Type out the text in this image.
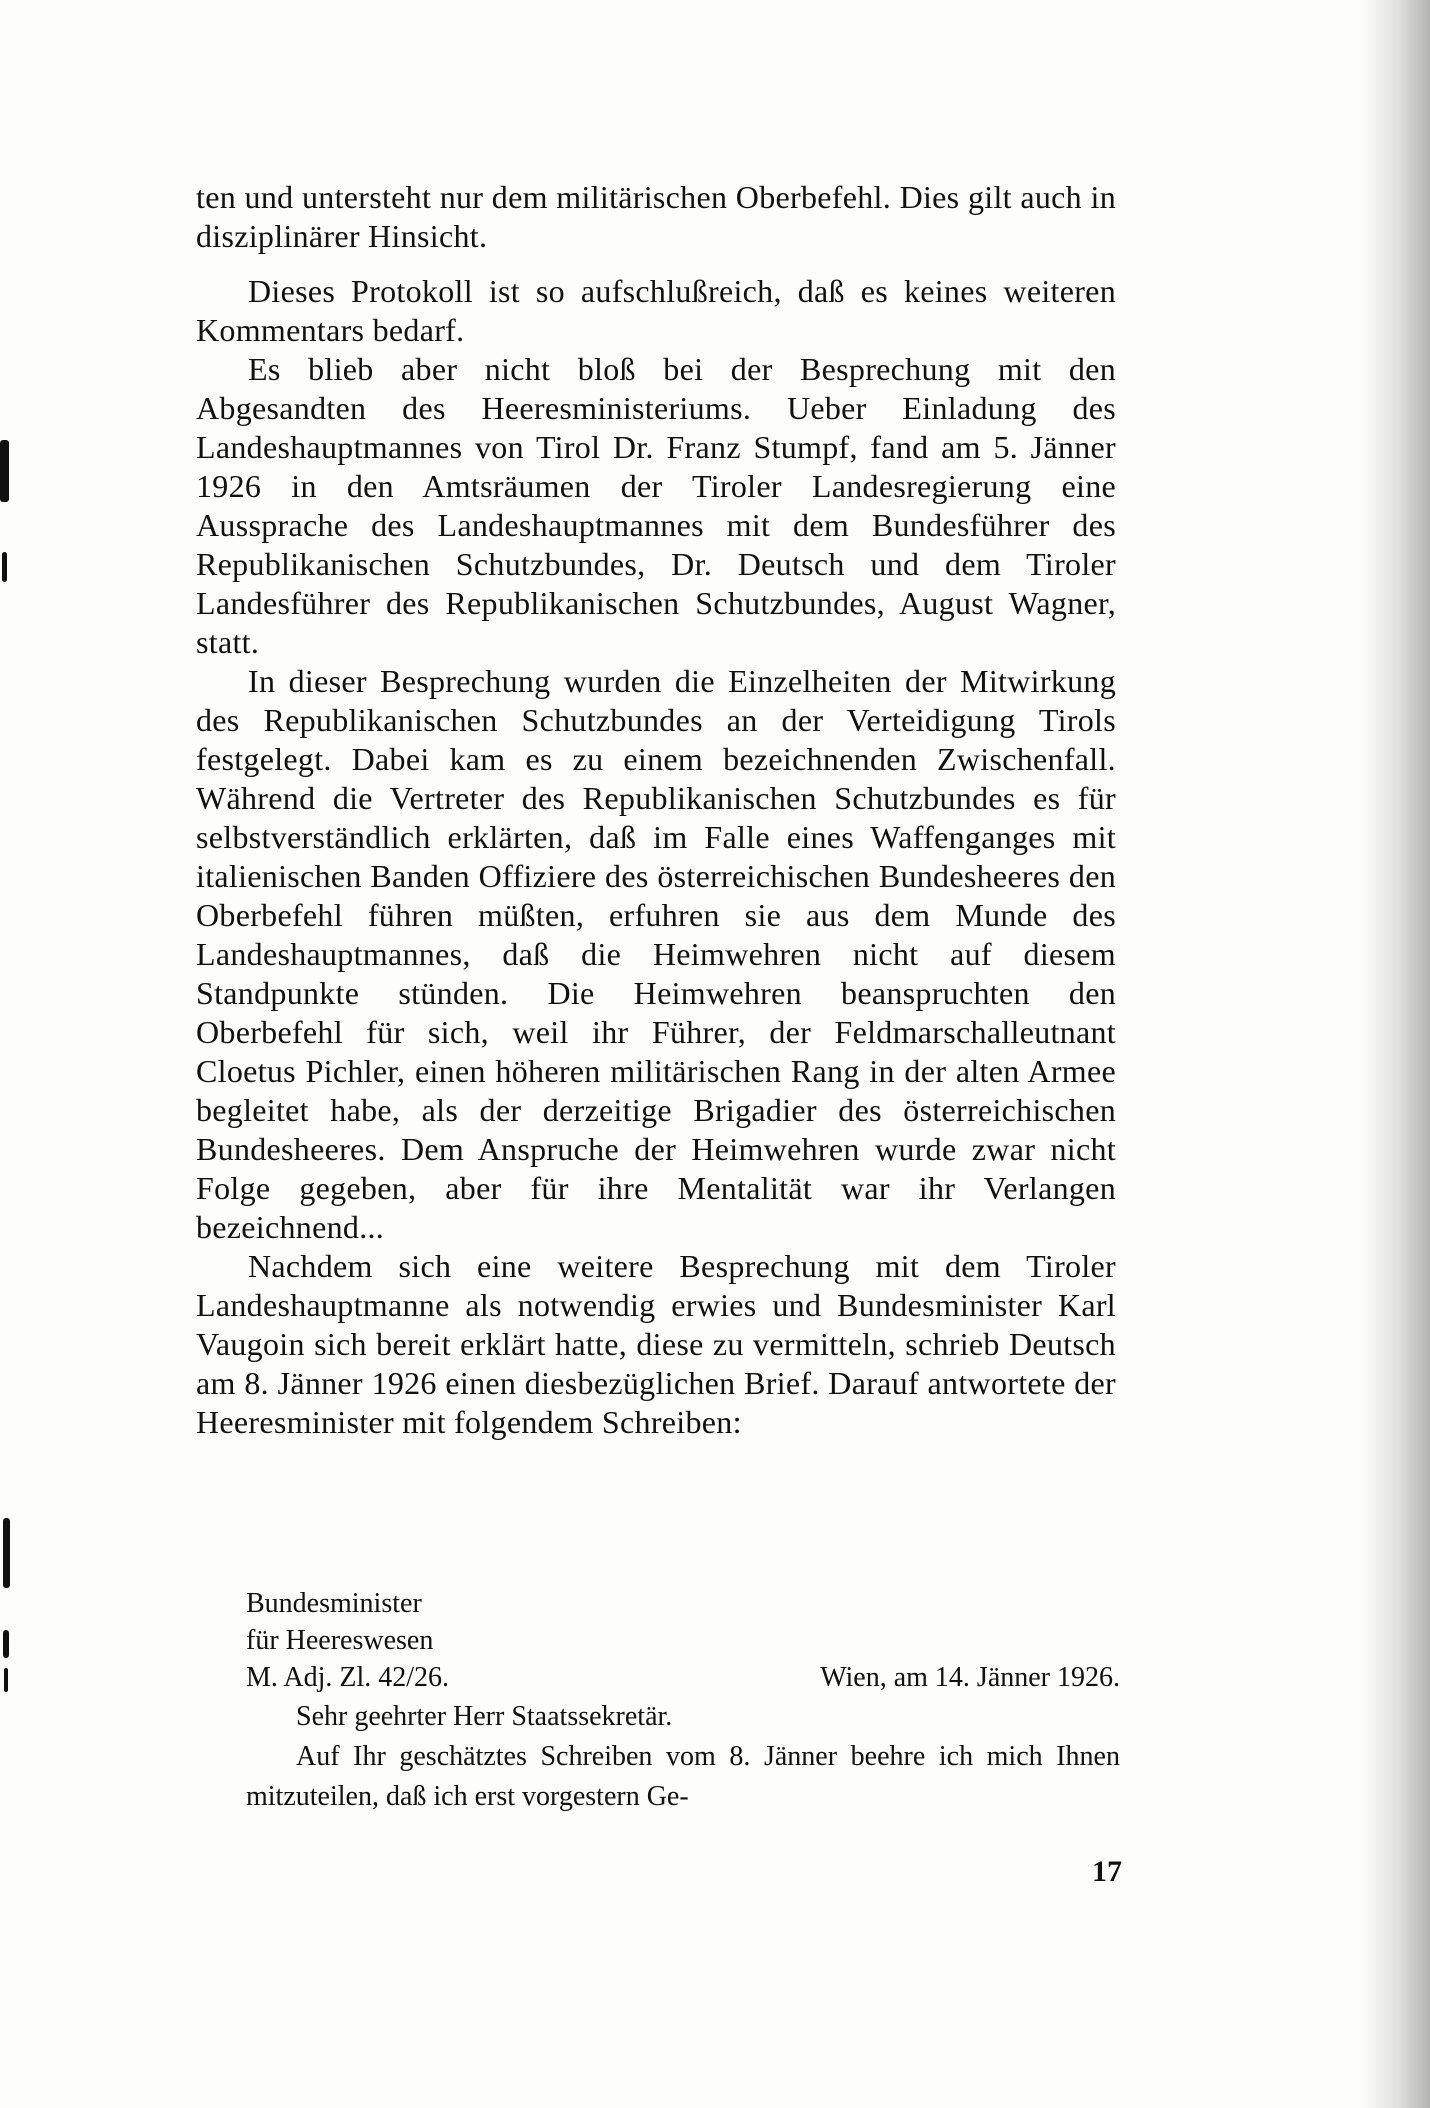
ten und untersteht nur dem militärischen Oberbefehl. Dies gilt auch in disziplinärer Hinsicht.

Dieses Protokoll ist so aufschlußreich, daß es keines weiteren Kommentars bedarf.

Es blieb aber nicht bloß bei der Besprechung mit den Abgesandten des Heeresministeriums. Ueber Einladung des Landeshauptmannes von Tirol Dr. Franz Stumpf, fand am 5. Jänner 1926 in den Amtsräumen der Tiroler Landesregierung eine Aussprache des Landeshauptmannes mit dem Bundesführer des Republikanischen Schutzbundes, Dr. Deutsch und dem Tiroler Landesführer des Republikanischen Schutzbundes, August Wagner, statt.

In dieser Besprechung wurden die Einzelheiten der Mitwirkung des Republikanischen Schutzbundes an der Verteidigung Tirols festgelegt. Dabei kam es zu einem bezeichnenden Zwischenfall. Während die Vertreter des Republikanischen Schutzbundes es für selbstverständlich erklärten, daß im Falle eines Waffenganges mit italienischen Banden Offiziere des österreichischen Bundesheeres den Oberbefehl führen müßten, erfuhren sie aus dem Munde des Landeshauptmannes, daß die Heimwehren nicht auf diesem Standpunkte stünden. Die Heimwehren beanspruchten den Oberbefehl für sich, weil ihr Führer, der Feldmarschalleutnant Cloetus Pichler, einen höheren militärischen Rang in der alten Armee begleitet habe, als der derzeitige Brigadier des österreichischen Bundesheeres. Dem Anspruche der Heimwehren wurde zwar nicht Folge gegeben, aber für ihre Mentalität war ihr Verlangen bezeichnend...

Nachdem sich eine weitere Besprechung mit dem Tiroler Landeshauptmanne als notwendig erwies und Bundesminister Karl Vaugoin sich bereit erklärt hatte, diese zu vermitteln, schrieb Deutsch am 8. Jänner 1926 einen diesbezüglichen Brief. Darauf antwortete der Heeresminister mit folgendem Schreiben:

Bundesminister
für Heereswesen
M. Adj. Zl. 42/26.	Wien, am 14. Jänner 1926.

Sehr geehrter Herr Staatssekretär.

Auf Ihr geschätztes Schreiben vom 8. Jänner beehre ich mich Ihnen mitzuteilen, daß ich erst vorgestern Ge-

17
